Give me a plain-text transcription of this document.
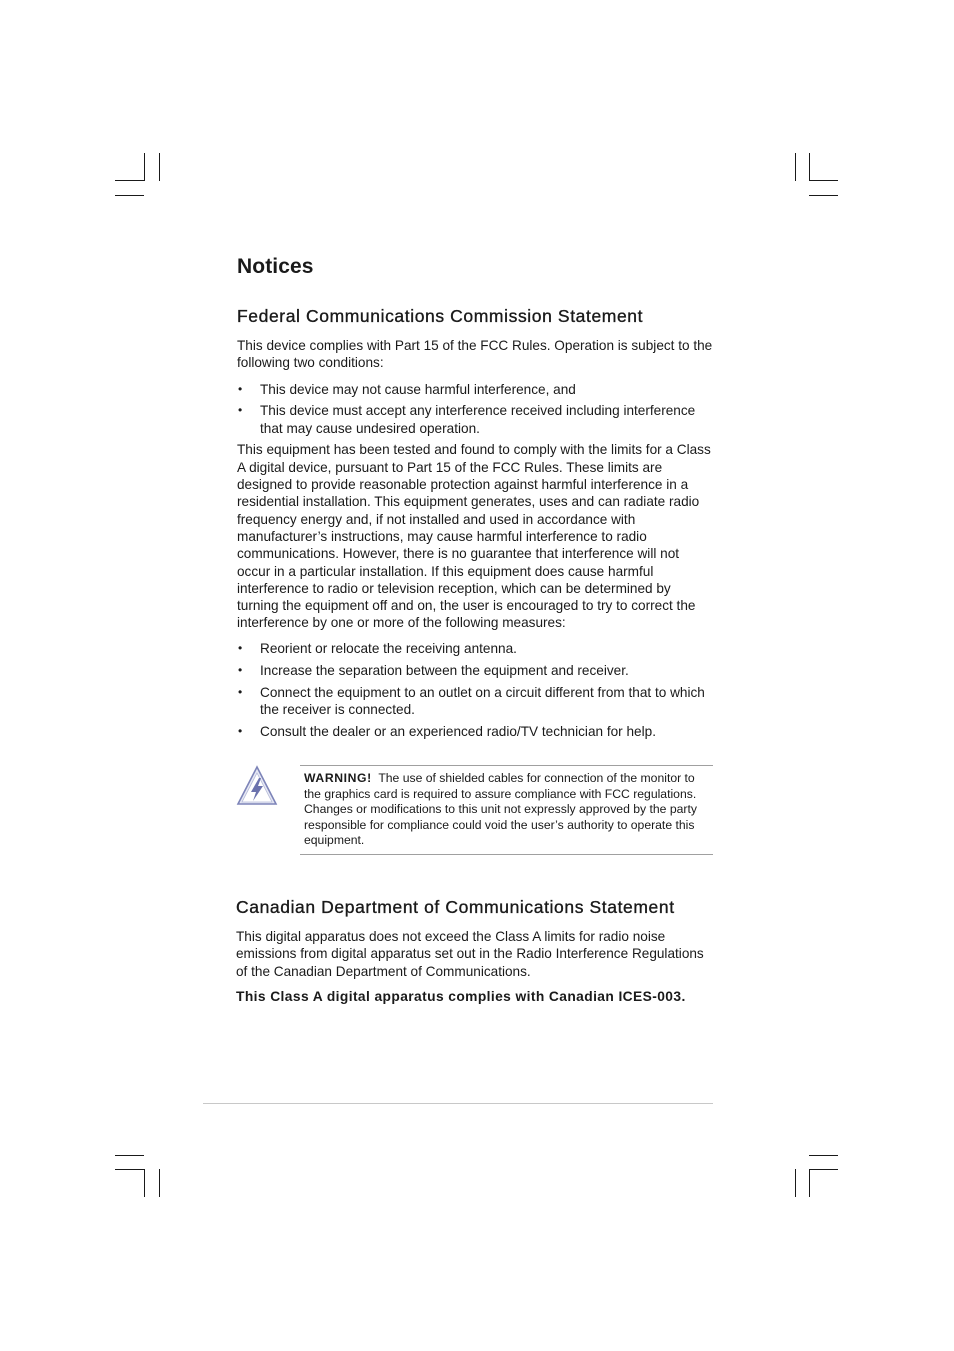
Notices
Federal Communications Commission Statement

This device complies with Part 15 of the FCC Rules. Operation is subject to the following two conditions:

• This device may not cause harmful interference, and
• This device must accept any interference received including interference that may cause undesired operation.

This equipment has been tested and found to comply with the limits for a Class A digital device, pursuant to Part 15 of the FCC Rules. These limits are designed to provide reasonable protection against harmful interference in a residential installation. This equipment generates, uses and can radiate radio frequency energy and, if not installed and used in accordance with manufacturer’s instructions, may cause harmful interference to radio communications. However, there is no guarantee that interference will not occur in a particular installation. If this equipment does cause harmful interference to radio or television reception, which can be determined by turning the equipment off and on, the user is encouraged to try to correct the interference by one or more of the following measures:

• Reorient or relocate the receiving antenna.
• Increase the separation between the equipment and receiver.
• Connect the equipment to an outlet on a circuit different from that to which the receiver is connected.
• Consult the dealer or an experienced radio/TV technician for help.
WARNING! The use of shielded cables for connection of the monitor to the graphics card is required to assure compliance with FCC regulations. Changes or modifications to this unit not expressly approved by the party responsible for compliance could void the user’s authority to operate this equipment.
Canadian Department of Communications Statement

This digital apparatus does not exceed the Class A limits for radio noise emissions from digital apparatus set out in the Radio Interference Regulations of the Canadian Department of Communications.

This Class A digital apparatus complies with Canadian ICES-003.
